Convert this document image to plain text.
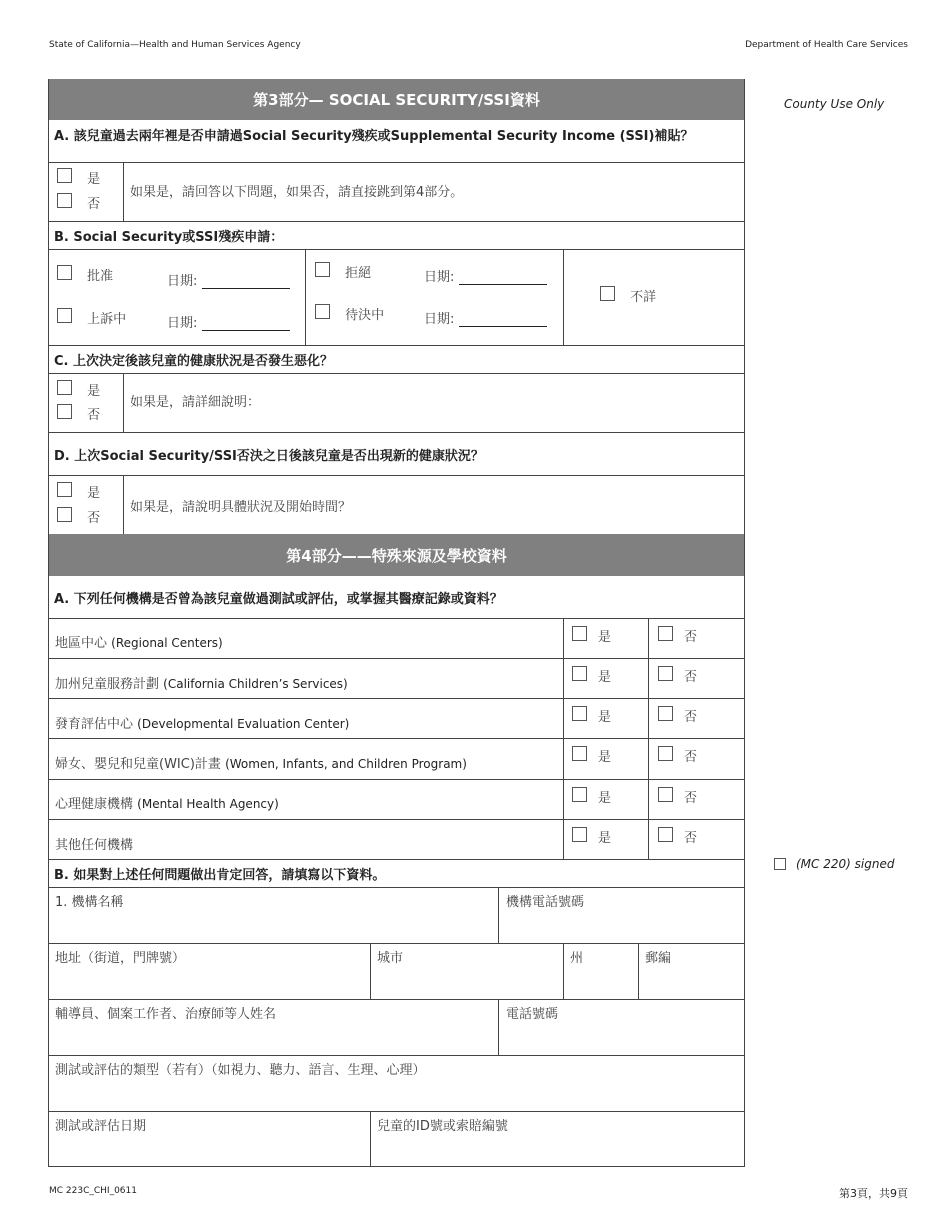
State of California—Health and Human Services Agency	Department of Health Care Services
County Use Only
(MC 220) signed
第3部分— SOCIAL SECURITY/SSI資料
A. 該兒童過去兩年裡是否申請過Social Security殘疾或Supplemental Security Income (SSI)補貼？
是
否
如果是，請回答以下問題，如果否，請直接跳到第4部分。
B. Social Security或SSI殘疾申請：
批准	日期:
上訴中	日期:
拒絕	日期:
待決中	日期:
不詳
C. 上次決定後該兒童的健康狀況是否發生惡化？
是
否
如果是，請詳細說明：
D. 上次Social Security/SSI否決之日後該兒童是否出現新的健康狀況？
是
否
如果是，請說明具體狀況及開始時間？
第4部分——特殊來源及學校資料
A. 下列任何機構是否曾為該兒童做過測試或評估，或掌握其醫療記錄或資料？
地區中心 (Regional Centers)	是	否
加州兒童服務計劃 (California Children’s Services)	是	否
發育評估中心 (Developmental Evaluation Center)	是	否
婦女、嬰兒和兒童(WIC)計畫 (Women, Infants, and Children Program)	是	否
心理健康機構 (Mental Health Agency)	是	否
其他任何機構	是	否
B. 如果對上述任何問題做出肯定回答，請填寫以下資料。
1. 機構名稱	機構電話號碼
地址（街道，門牌號）	城市	州	郵編
輔導員、個案工作者、治療師等人姓名	電話號碼
測試或評估的類型（若有）（如視力、聽力、語言、生理、心理）
測試或評估日期	兒童的ID號或索賠編號
MC 223C_CHI_0611	第3頁，共9頁
